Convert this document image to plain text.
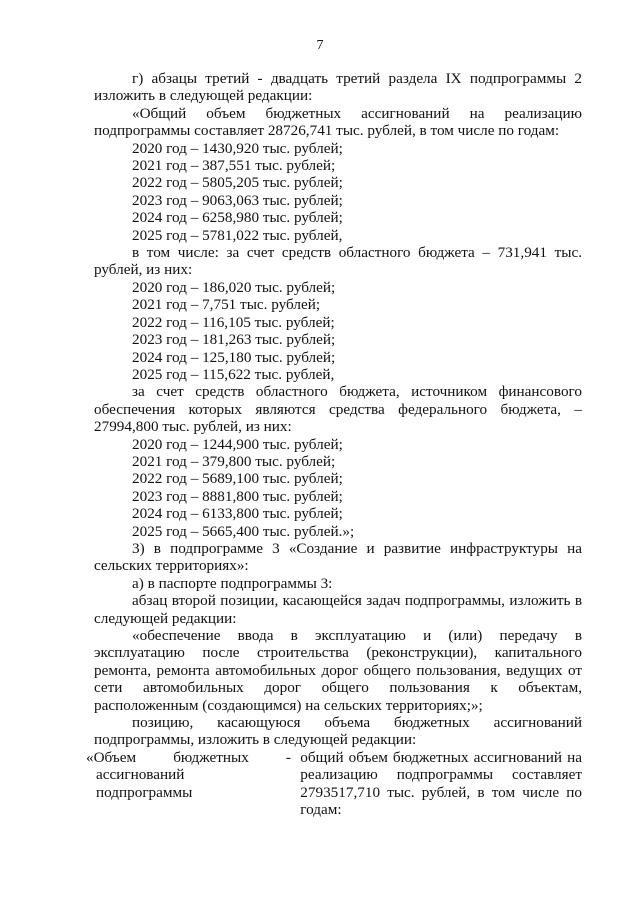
7
г) абзацы третий - двадцать третий раздела IX подпрограммы 2 изложить в следующей редакции:
«Общий объем бюджетных ассигнований на реализацию подпрограммы составляет 28726,741 тыс. рублей, в том числе по годам:
2020 год – 1430,920 тыс. рублей;
2021 год – 387,551 тыс. рублей;
2022 год – 5805,205 тыс. рублей;
2023 год – 9063,063 тыс. рублей;
2024 год – 6258,980 тыс. рублей;
2025 год – 5781,022 тыс. рублей,
в том числе: за счет средств областного бюджета – 731,941 тыс. рублей, из них:
2020 год – 186,020 тыс. рублей;
2021 год – 7,751 тыс. рублей;
2022 год – 116,105 тыс. рублей;
2023 год – 181,263 тыс. рублей;
2024 год – 125,180 тыс. рублей;
2025 год – 115,622 тыс. рублей,
за счет средств областного бюджета, источником финансового обеспечения которых являются средства федерального бюджета, – 27994,800 тыс. рублей, из них:
2020 год – 1244,900 тыс. рублей;
2021 год – 379,800 тыс. рублей;
2022 год – 5689,100 тыс. рублей;
2023 год – 8881,800 тыс. рублей;
2024 год – 6133,800 тыс. рублей;
2025 год – 5665,400 тыс. рублей.»;
3) в подпрограмме 3 «Создание и развитие инфраструктуры на сельских территориях»:
а) в паспорте подпрограммы 3:
абзац второй позиции, касающейся задач подпрограммы, изложить в следующей редакции:
«обеспечение ввода в эксплуатацию и (или) передачу в эксплуатацию после строительства (реконструкции), капитального ремонта, ремонта автомобильных дорог общего пользования, ведущих от сети автомобильных дорог общего пользования к объектам, расположенным (создающимся) на сельских территориях;»;
позицию, касающуюся объема бюджетных ассигнований подпрограммы, изложить в следующей редакции:
«Объем бюджетных -
ассигнований
подпрограммы
общий объем бюджетных ассигнований на реализацию подпрограммы составляет 2793517,710 тыс. рублей, в том числе по годам:
